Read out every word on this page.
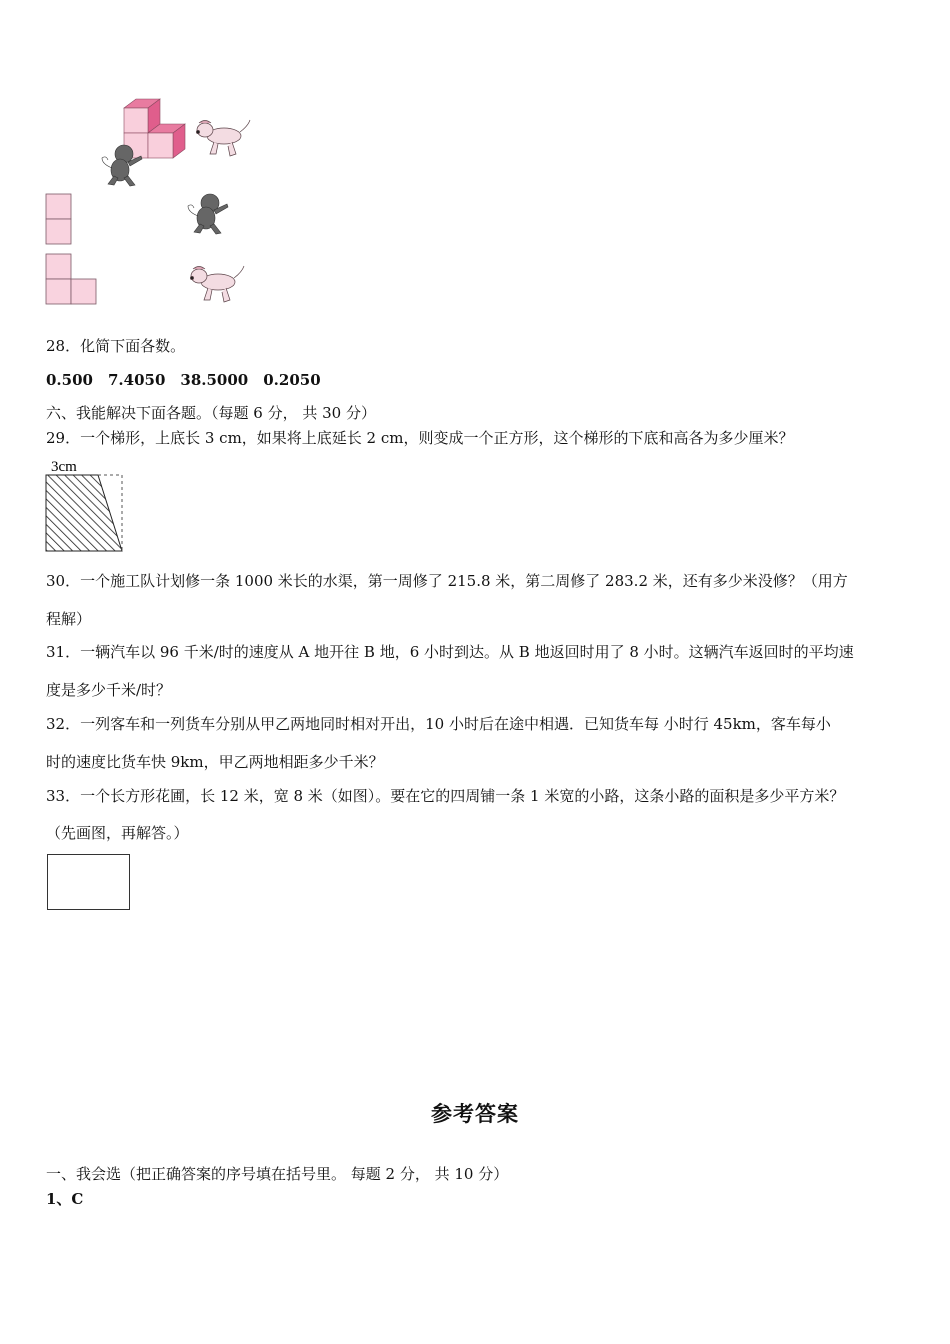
28．化简下面各数。
0.500　7.4050　38.5000　0.2050
六、我能解决下面各题。（每题 6 分， 共 30 分）
29．一个梯形，上底长 3 cm，如果将上底延长 2 cm，则变成一个正方形，这个梯形的下底和高各为多少厘米？
3cm
30．一个施工队计划修一条 1000 米长的水渠，第一周修了 215.8 米，第二周修了 283.2 米，还有多少米没修？（用方
程解）
31．一辆汽车以 96 千米/时的速度从 A 地开往 B 地，6 小时到达。从 B 地返回时用了 8 小时。这辆汽车返回时的平均速
度是多少千米/时？
32．一列客车和一列货车分别从甲乙两地同时相对开出，10 小时后在途中相遇．已知货车每 小时行 45km，客车每小
时的速度比货车快 9km，甲乙两地相距多少千米？
33．一个长方形花圃，长 12 米，宽 8 米（如图）。要在它的四周铺一条 1 米宽的小路，这条小路的面积是多少平方米？
（先画图，再解答。）
参考答案
一、我会选（把正确答案的序号填在括号里。 每题 2 分， 共 10 分）
1、C
